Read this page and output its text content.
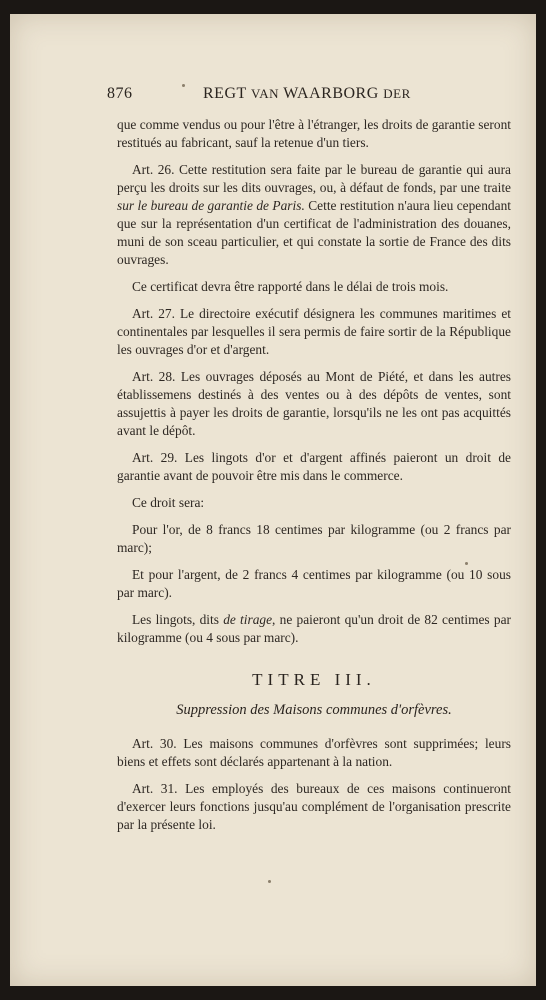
876	REGT VAN WAARBORG DER

que comme vendus ou pour l'être à l'étranger, les droits de garantie seront restitués au fabricant, sauf la retenue d'un tiers.

Art. 26. Cette restitution sera faite par le bureau de garantie qui aura perçu les droits sur les dits ouvrages, ou, à défaut de fonds, par une traite sur le bureau de garantie de Paris. Cette restitution n'aura lieu cependant que sur la représentation d'un certificat de l'administration des douanes, muni de son sceau particulier, et qui constate la sortie de France des dits ouvrages.

Ce certificat devra être rapporté dans le délai de trois mois.

Art. 27. Le directoire exécutif désignera les communes maritimes et continentales par lesquelles il sera permis de faire sortir de la République les ouvrages d'or et d'argent.

Art. 28. Les ouvrages déposés au Mont de Piété, et dans les autres établissemens destinés à des ventes ou à des dépôts de ventes, sont assujettis à payer les droits de garantie, lorsqu'ils ne les ont pas acquittés avant le dépôt.

Art. 29. Les lingots d'or et d'argent affinés paieront un droit de garantie avant de pouvoir être mis dans le commerce.

Ce droit sera:

Pour l'or, de 8 francs 18 centimes par kilogramme (ou 2 francs par marc);

Et pour l'argent, de 2 francs 4 centimes par kilogramme (ou 10 sous par marc).

Les lingots, dits de tirage, ne paieront qu'un droit de 82 centimes par kilogramme (ou 4 sous par marc).

TITRE III.
Suppression des Maisons communes d'orfèvres.

Art. 30. Les maisons communes d'orfèvres sont supprimées; leurs biens et effets sont déclarés appartenant à la nation.

Art. 31. Les employés des bureaux de ces maisons continueront d'exercer leurs fonctions jusqu'au complément de l'organisation prescrite par la présente loi.
